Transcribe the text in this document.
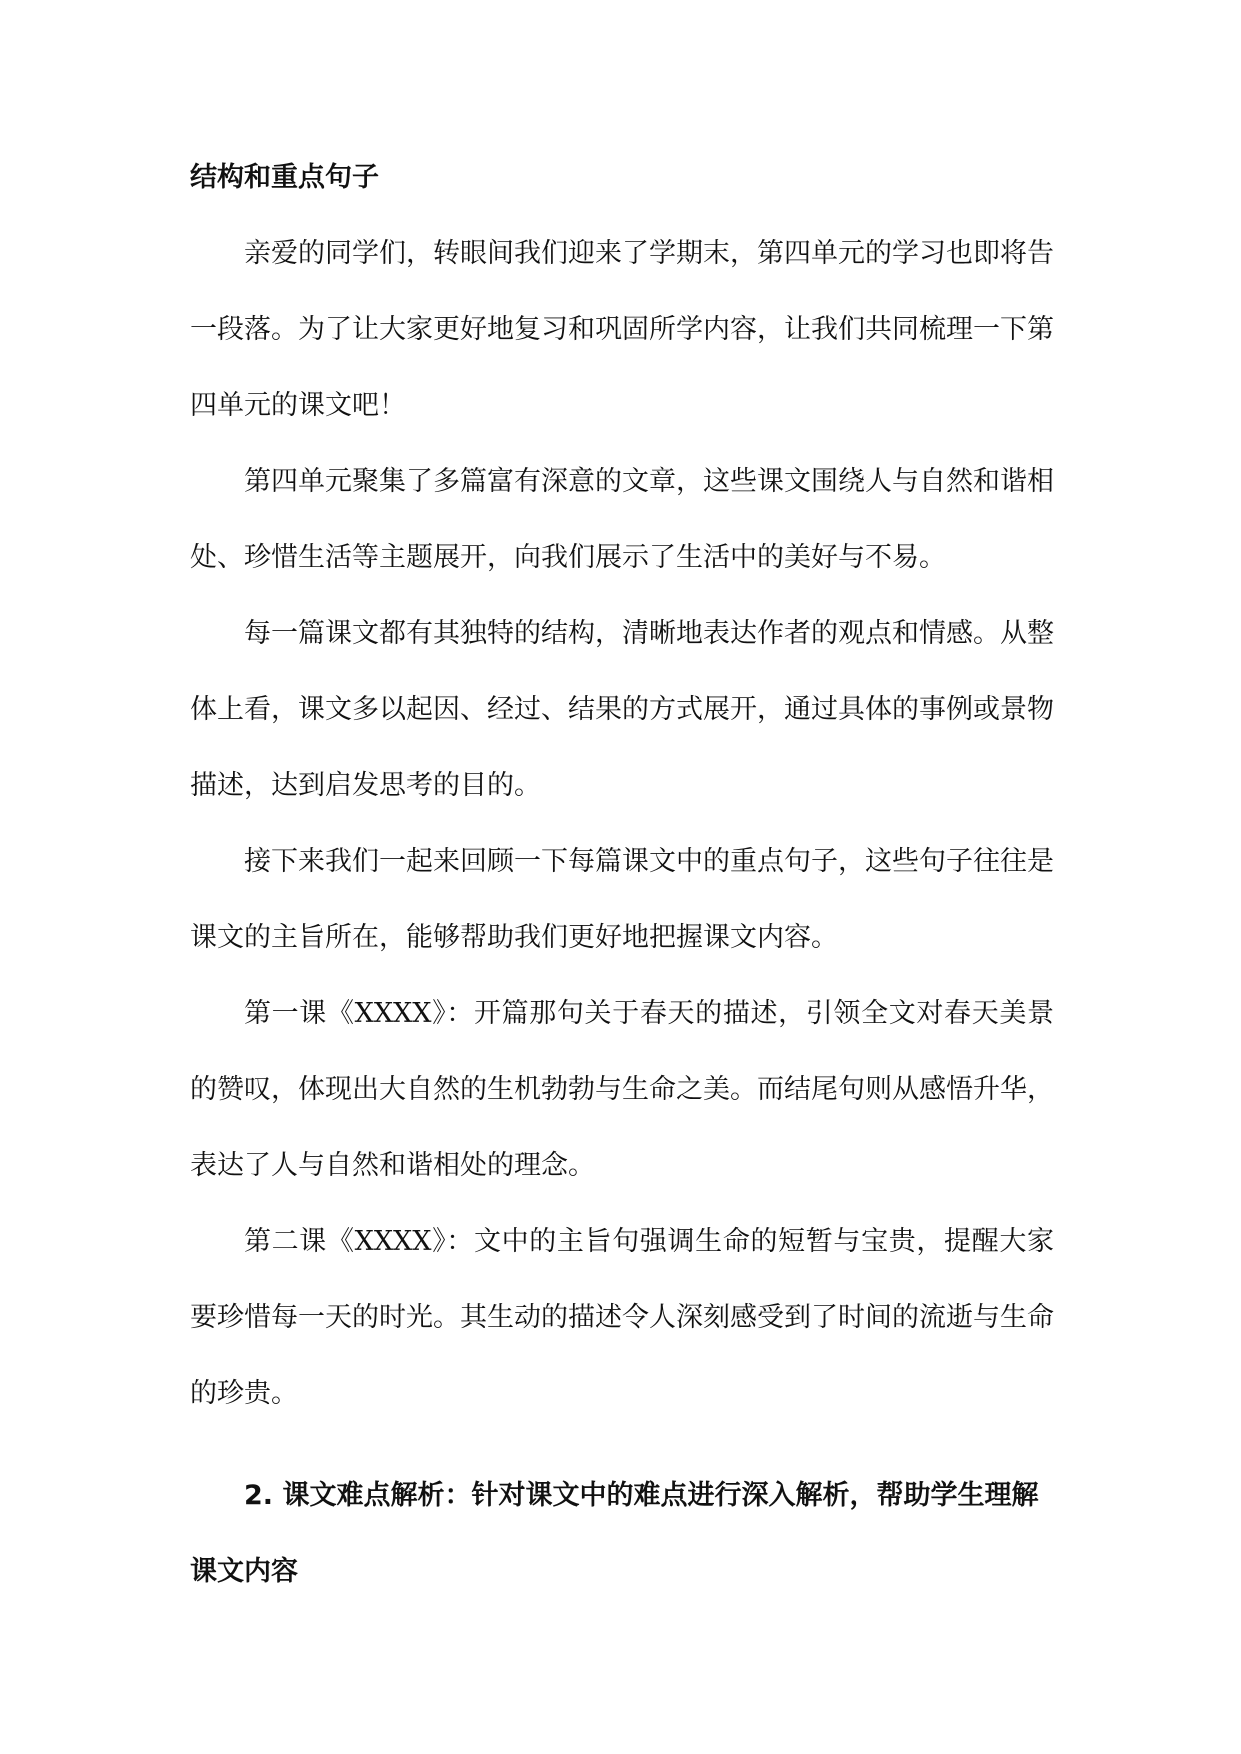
结构和重点句子

亲爱的同学们，转眼间我们迎来了学期末，第四单元的学习也即将告一段落。为了让大家更好地复习和巩固所学内容，让我们共同梳理一下第四单元的课文吧！

第四单元聚集了多篇富有深意的文章，这些课文围绕人与自然和谐相处、珍惜生活等主题展开，向我们展示了生活中的美好与不易。

每一篇课文都有其独特的结构，清晰地表达作者的观点和情感。从整体上看，课文多以起因、经过、结果的方式展开，通过具体的事例或景物描述，达到启发思考的目的。

接下来我们一起来回顾一下每篇课文中的重点句子，这些句子往往是课文的主旨所在，能够帮助我们更好地把握课文内容。

第一课《XXXX》：开篇那句关于春天的描述，引领全文对春天美景的赞叹，体现出大自然的生机勃勃与生命之美。而结尾句则从感悟升华，表达了人与自然和谐相处的理念。

第二课《XXXX》：文中的主旨句强调生命的短暂与宝贵，提醒大家要珍惜每一天的时光。其生动的描述令人深刻感受到了时间的流逝与生命的珍贵。

2. 课文难点解析：针对课文中的难点进行深入解析，帮助学生理解课文内容
